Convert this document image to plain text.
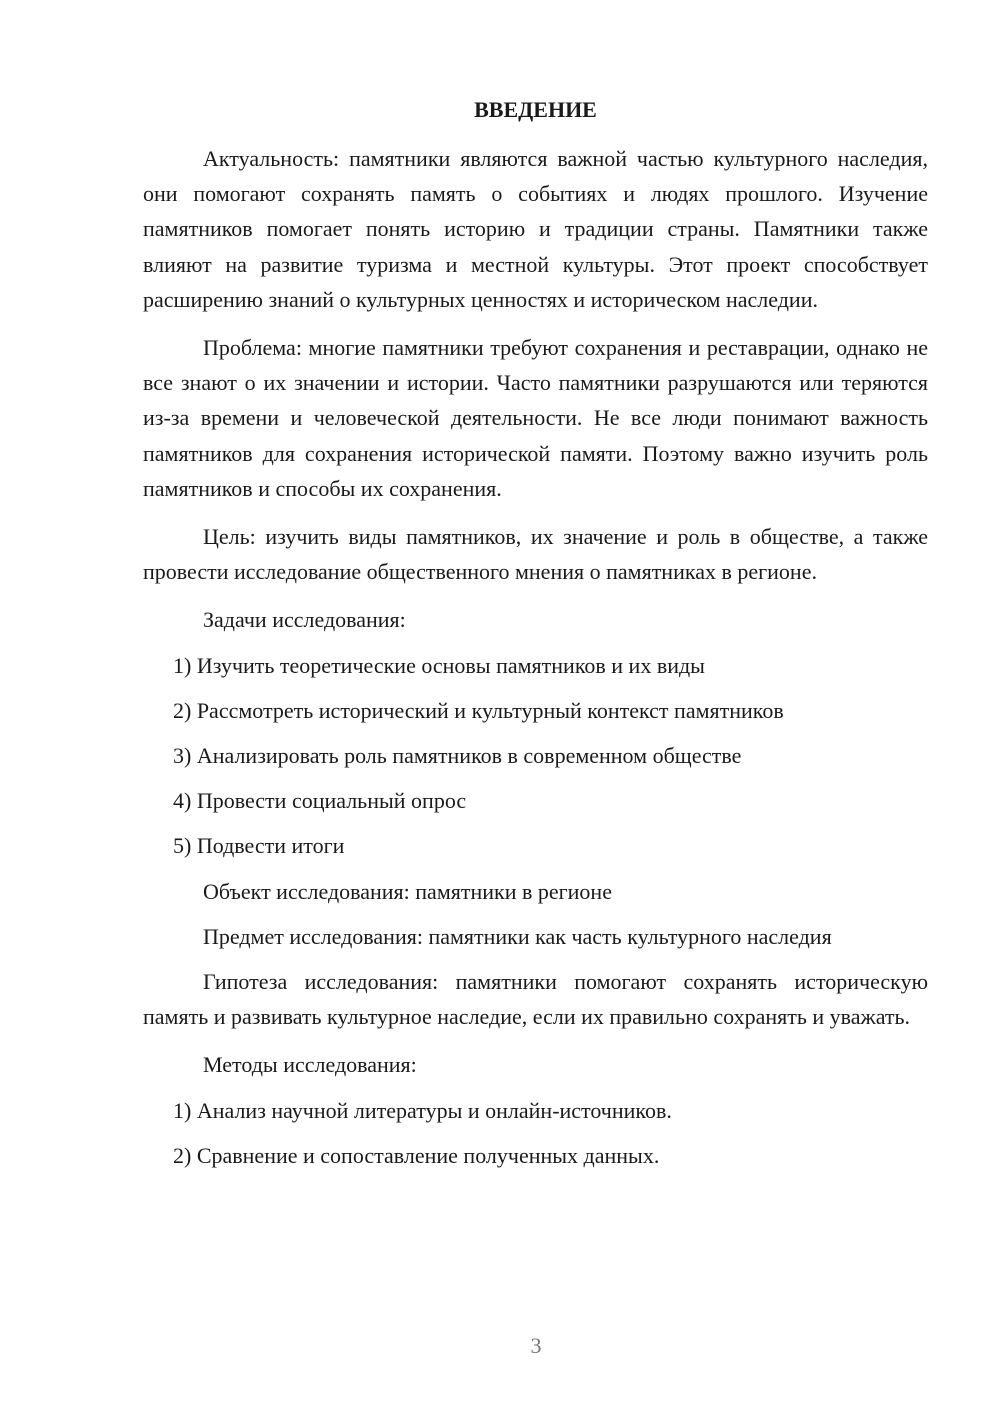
ВВЕДЕНИЕ

Актуальность: памятники являются важной частью культурного наследия, они помогают сохранять память о событиях и людях прошлого. Изучение памятников помогает понять историю и традиции страны. Памятники также влияют на развитие туризма и местной культуры. Этот проект способствует расширению знаний о культурных ценностях и историческом наследии.

Проблема: многие памятники требуют сохранения и реставрации, однако не все знают о их значении и истории. Часто памятники разрушаются или теряются из-за времени и человеческой деятельности. Не все люди понимают важность памятников для сохранения исторической памяти. Поэтому важно изучить роль памятников и способы их сохранения.

Цель: изучить виды памятников, их значение и роль в обществе, а также провести исследование общественного мнения о памятниках в регионе.

Задачи исследования:

1) Изучить теоретические основы памятников и их виды
2) Рассмотреть исторический и культурный контекст памятников
3) Анализировать роль памятников в современном обществе
4) Провести социальный опрос
5) Подвести итоги

Объект исследования: памятники в регионе

Предмет исследования: памятники как часть культурного наследия

Гипотеза исследования: памятники помогают сохранять историческую память и развивать культурное наследие, если их правильно сохранять и уважать.

Методы исследования:

1) Анализ научной литературы и онлайн-источников.
2) Сравнение и сопоставление полученных данных.
3
